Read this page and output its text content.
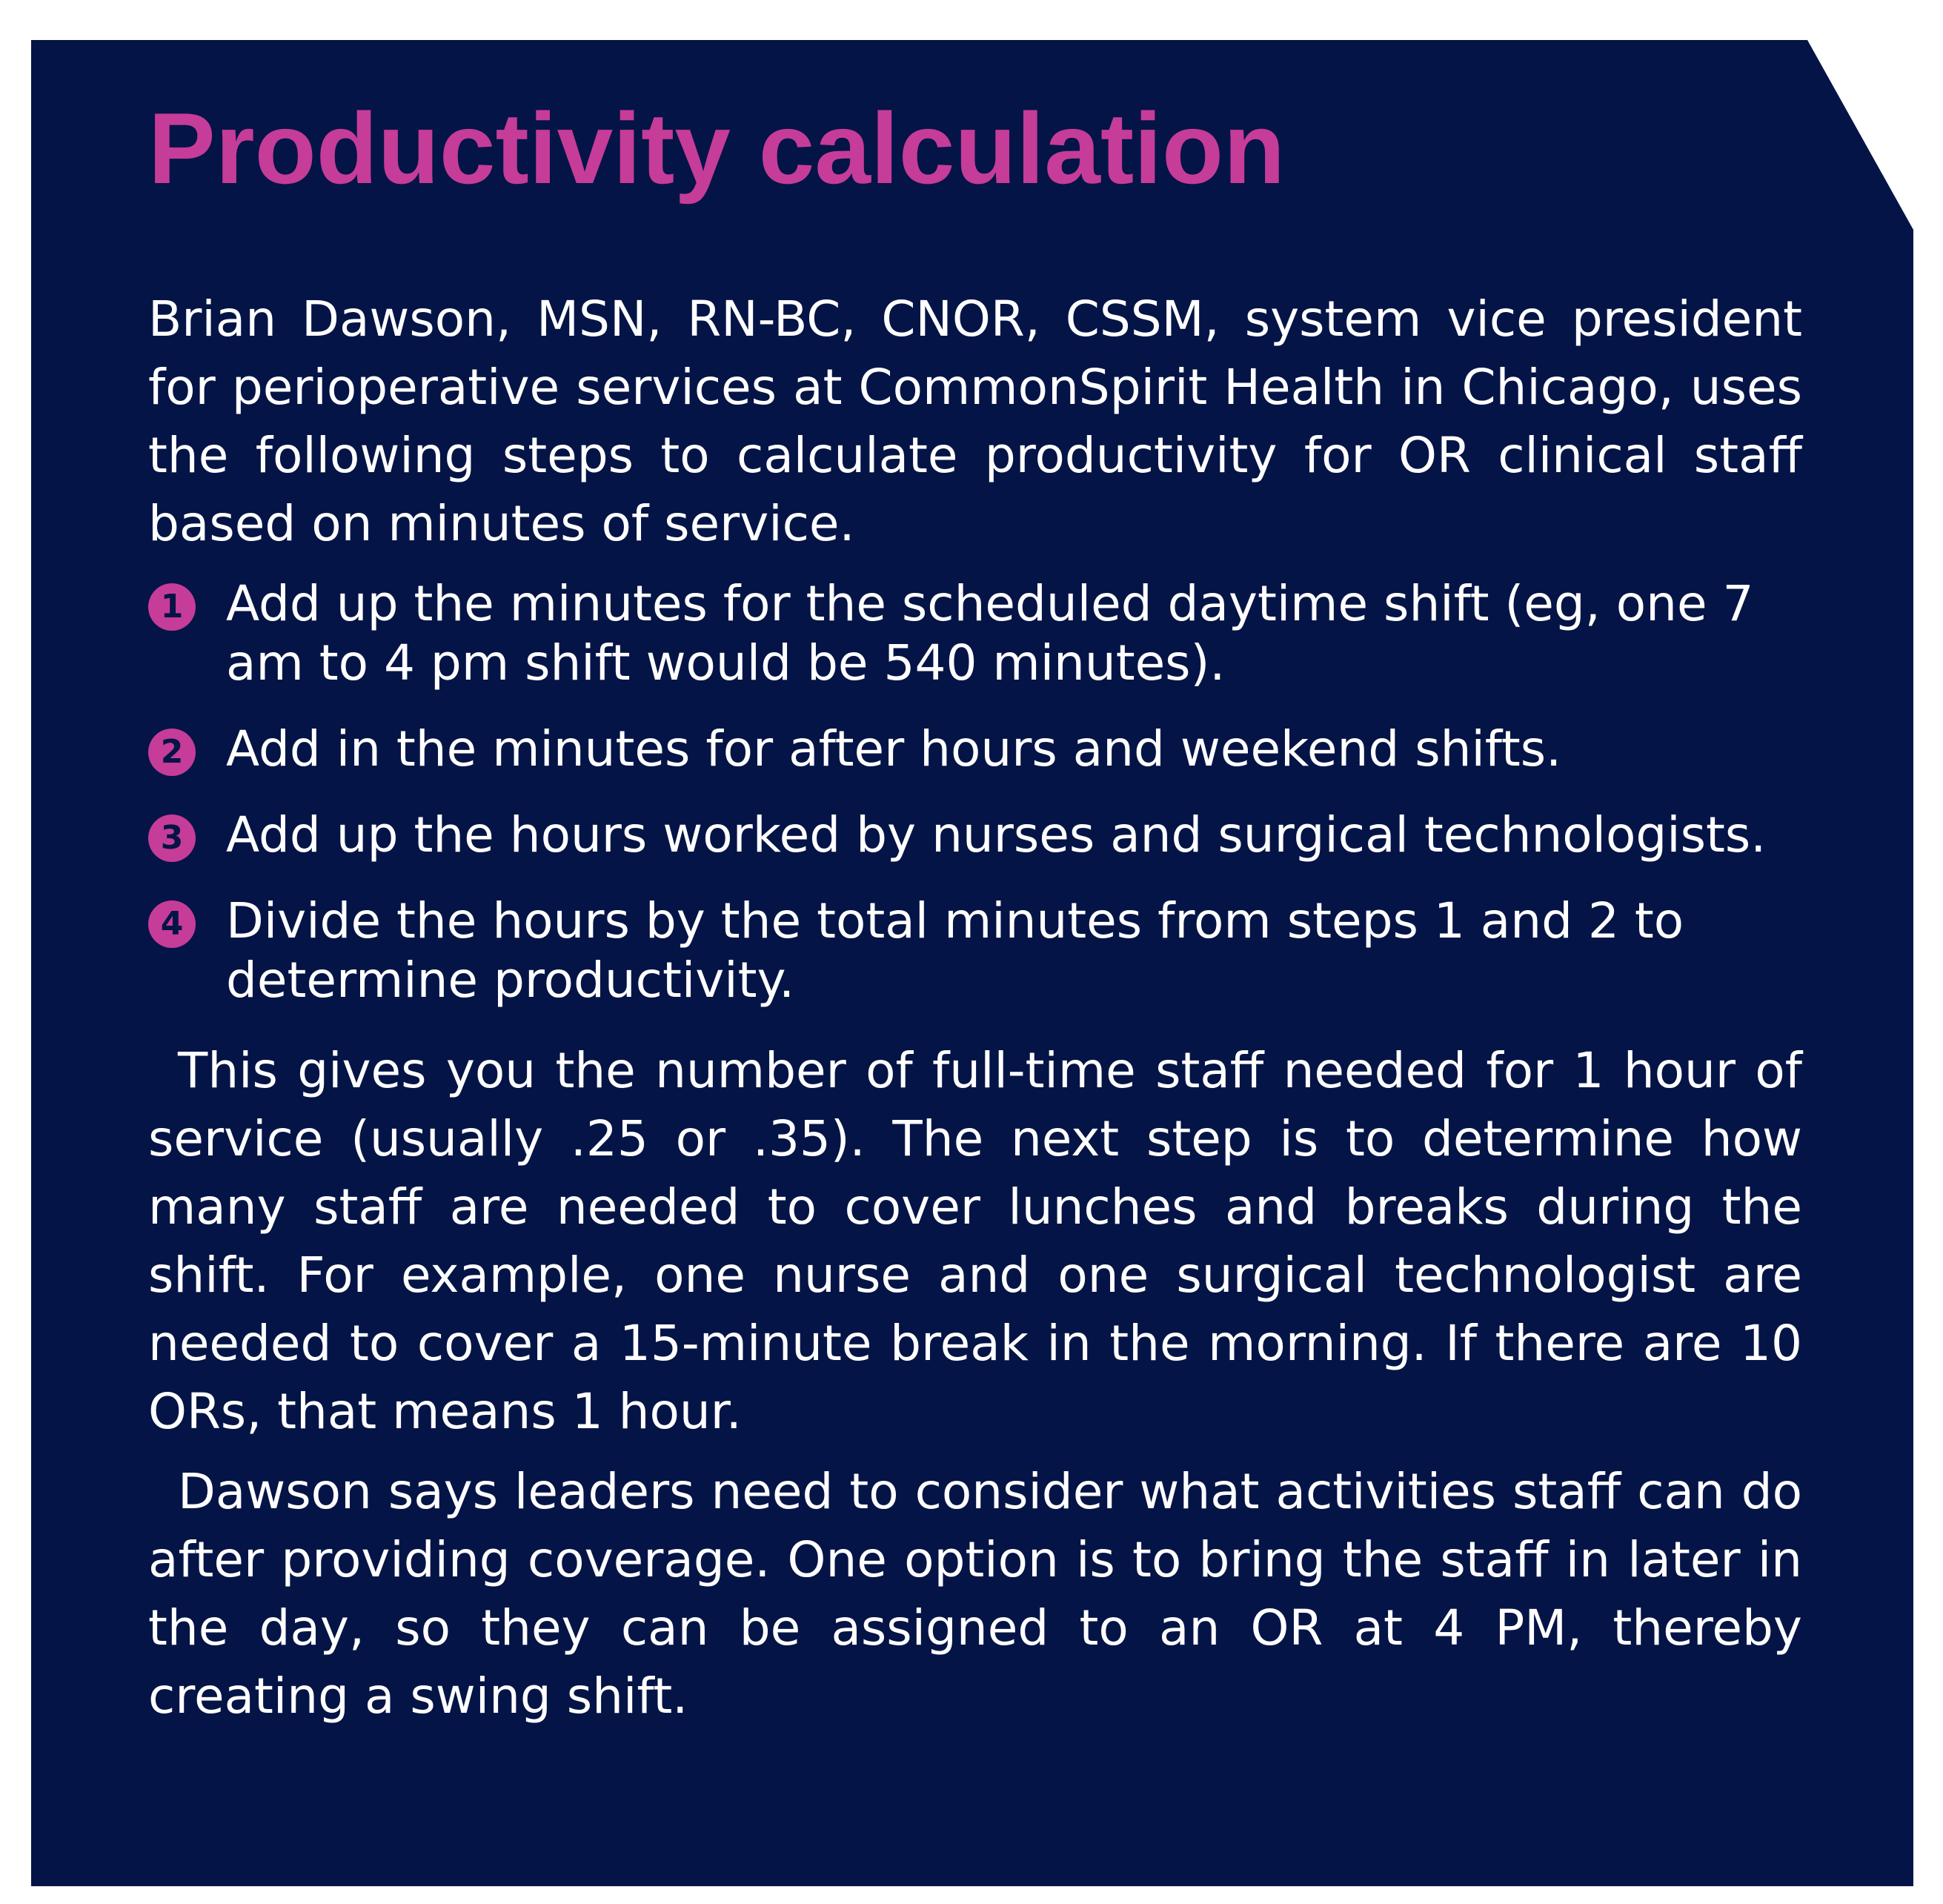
Productivity calculation

Brian Dawson, MSN, RN-BC, CNOR, CSSM, system vice president for perioperative services at CommonSpirit Health in Chicago, uses the following steps to calculate productivity for OR clinical staff based on minutes of service.

1 Add up the minutes for the scheduled daytime shift (eg, one 7 am to 4 pm shift would be 540 minutes).
2 Add in the minutes for after hours and weekend shifts.
3 Add up the hours worked by nurses and surgical technologists.
4 Divide the hours by the total minutes from steps 1 and 2 to determine productivity.

This gives you the number of full-time staff needed for 1 hour of service (usually .25 or .35). The next step is to determine how many staff are needed to cover lunches and breaks during the shift. For example, one nurse and one surgical technologist are needed to cover a 15-minute break in the morning. If there are 10 ORs, that means 1 hour.

Dawson says leaders need to consider what activities staff can do after providing coverage. One option is to bring the staff in later in the day, so they can be assigned to an OR at 4 PM, thereby creating a swing shift.
